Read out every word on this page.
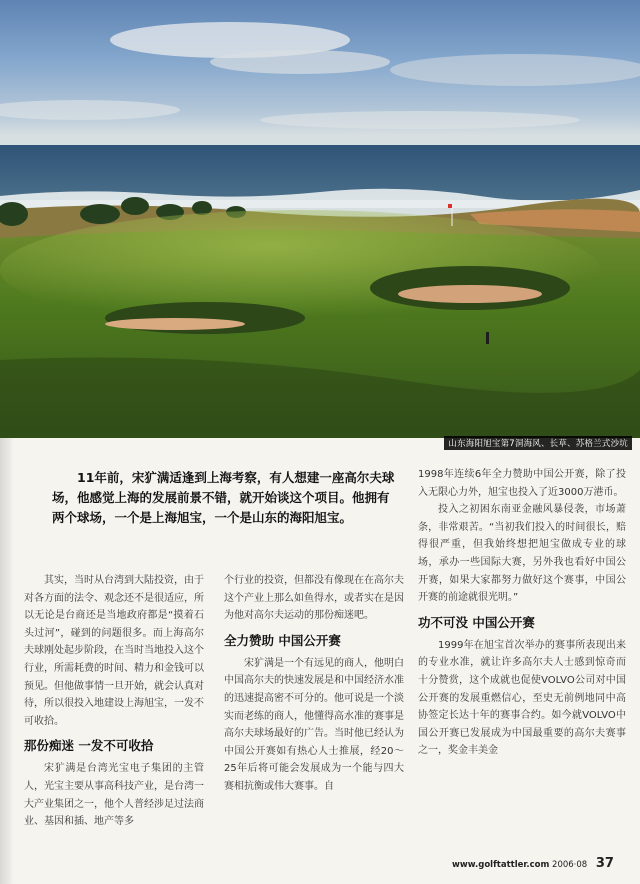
山东海阳旭宝第7洞海风、长草、苏格兰式沙坑
11年前，宋犷满适逢到上海考察，有人想建一座高尔夫球场，他感觉上海的发展前景不错，就开始谈这个项目。他拥有两个球场，一个是上海旭宝，一个是山东的海阳旭宝。

其实，当时从台湾到大陆投资，由于对各方面的法令、观念还不是很适应，所以无论是台商还是当地政府都是“摸着石头过河”，碰到的问题很多。而上海高尔夫球刚处起步阶段，在当时当地投入这个行业，所需耗费的时间、精力和金钱可以预见。但他做事情一旦开始，就会认真对待，所以很投入地建设上海旭宝，一发不可收拾。

那份痴迷 一发不可收拾

宋犷满是台湾光宝电子集团的主管人，光宝主要从事高科技产业，是台湾一大产业集团之一，他个人普经涉足过法商业、基因和插、地产等多

个行业的投资，但都没有像现在在高尔夫这个产业上那么如鱼得水，或者实在是因为他对高尔夫运动的那份痴迷吧。

全力赞助 中国公开赛

宋犷满是一个有远见的商人，他明白中国高尔夫的快速发展是和中国经济水准的迅速提高密不可分的。他可说是一个淡实而老练的商人，他懂得高水准的赛事是高尔夫球场最好的广告。当时他已经认为中国公开赛如有热心人士推展，经20～25年后将可能会发展成为一个能与四大赛相抗衡或伟大赛事。自

1998年连续6年全力赞助中国公开赛，除了投入无限心力外，旭宝也投入了近3000万港币。

投入之初困东南亚金融风暴侵袭，市场萧条，非常艰苦。“当初我们投入的时间很长，赔得很严重，但我始终想把旭宝做成专业的球场，承办一些国际大赛，另外我也看好中国公开赛，如果大家都努力做好这个赛事，中国公开赛的前途就很光明。”

功不可没 中国公开赛

1999年在旭宝首次举办的赛事所表现出来的专业水准，就让许多高尔夫人士感到惊奇而十分赞赏，这个成就也促使VOLVO公司对中国公开赛的发展重燃信心，至史无前例地同中高协签定长达十年的赛事合约。如今就VOLVO中国公开赛已发展成为中国最重要的高尔夫赛事之一，奖金丰美金

www.golftattler.com 2006·08 37
